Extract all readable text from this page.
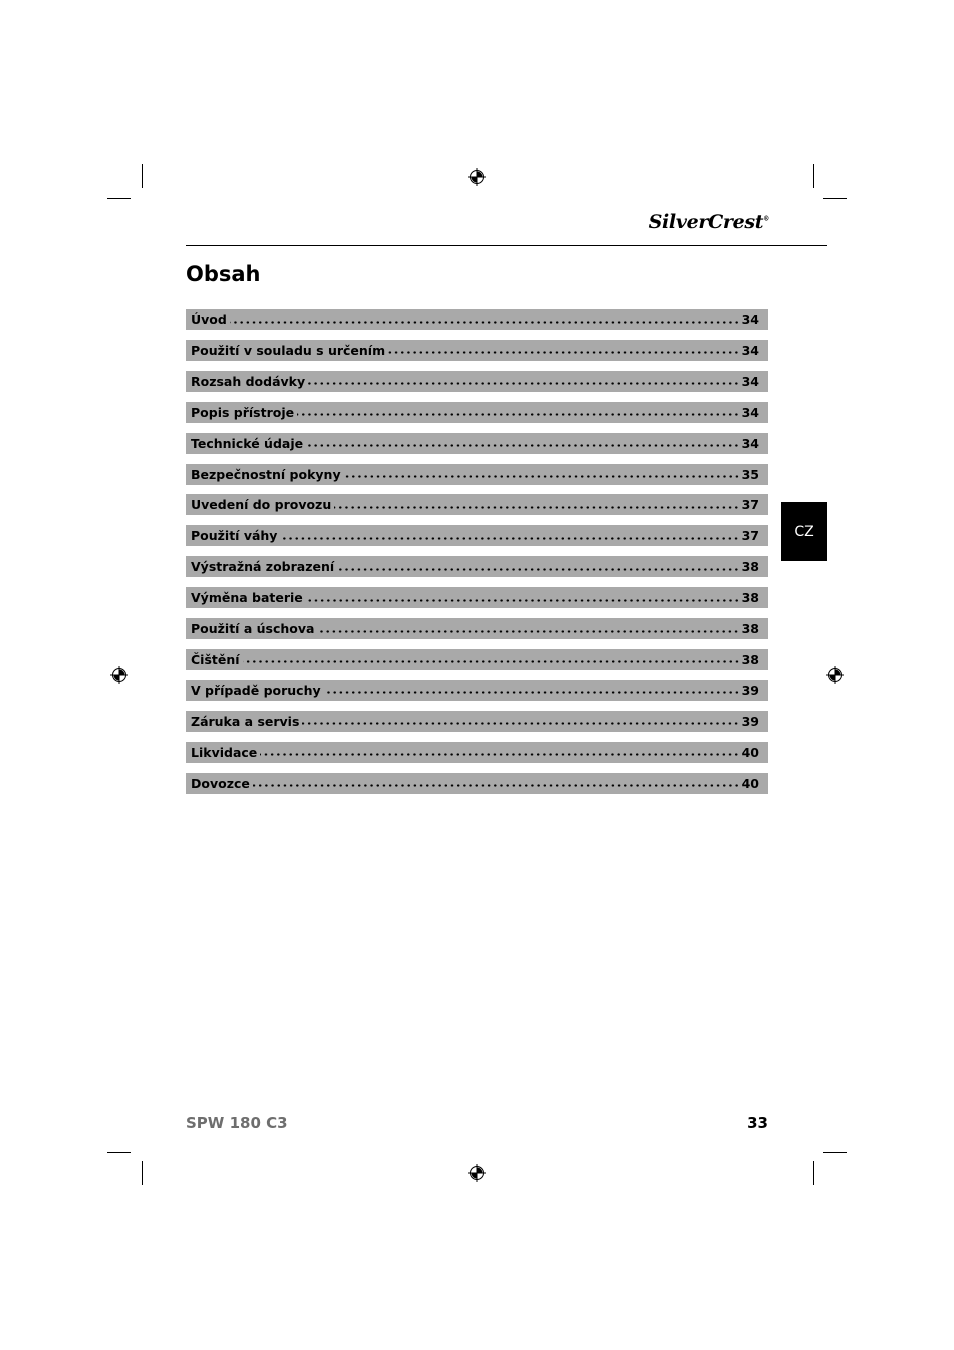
SilverCrest®
Obsah
Úvod	34
Použití v souladu s určením	34
Rozsah dodávky	34
Popis přístroje	34
Technické údaje	34
Bezpečnostní pokyny	35
Uvedení do provozu	37
Použití váhy	37
Výstražná zobrazení	38
Výměna baterie	38
Použití a úschova	38
Čištění	38
V případě poruchy	39
Záruka a servis	39
Likvidace	40
Dovozce	40
CZ
SPW 180 C3	33
